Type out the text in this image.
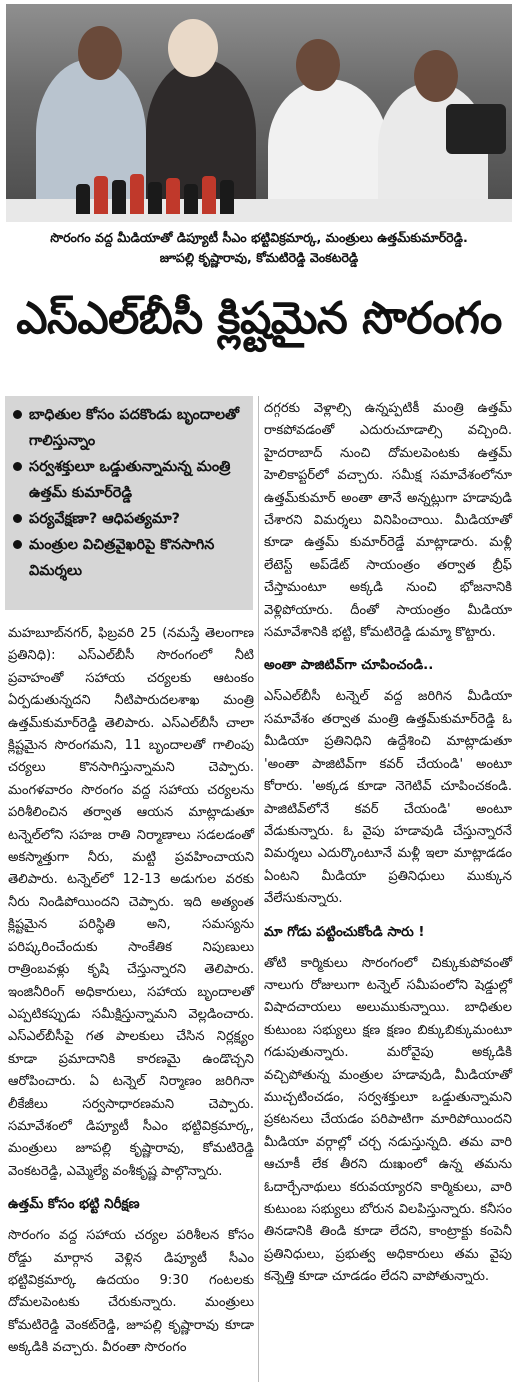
సొరంగం వద్ద మీడియాతో డిప్యూటీ సీఎం భట్టివిక్రమార్క, మంత్రులు ఉత్తమ్‌కుమార్‌రెడ్డి.
జూపల్లి కృష్ణారావు, కోమటిరెడ్డి వెంకటరెడ్డి
ఎస్‌ఎల్‌బీసీ క్లిష్టమైన సొరంగం
బాధితుల కోసం పదకొండు బృందాలతో గాలిస్తున్నాం
సర్వశక్తులూ ఒడ్డుతున్నామన్న మంత్రి ఉత్తమ్ కుమార్‌రెడ్డి
పర్యవేక్షణా? ఆధిపత్యమా?
మంత్రుల విచిత్రవైఖరిపై కొనసాగిన విమర్శలు

మహబూబ్‌నగర్, ఫిబ్రవరి 25 (నమస్తే తెలంగాణ ప్రతినిధి): ఎస్‌ఎల్‌బీసీ సొరంగంలో నీటి ప్రవాహంతో సహాయ చర్యలకు ఆటంకం ఏర్పడుతున్నదని నీటిపారుదలశాఖ మంత్రి ఉత్తమ్‌కుమార్‌రెడ్డి తెలిపారు. ఎస్‌ఎల్‌బీసీ చాలా క్లిష్టమైన సొరంగమని, 11 బృందాలతో గాలింపు చర్యలు కొనసాగిస్తున్నామని చెప్పారు. మంగళవారం సొరంగం వద్ద సహాయ చర్యలను పరిశీలించిన తర్వాత ఆయన మాట్లాడుతూ టన్నెల్‌లోని సహజ రాతి నిర్మాణాలు సడలడంతో అకస్మాత్తుగా నీరు, మట్టి ప్రవహించాయని తెలిపారు. టన్నెల్‌లో 12-13 అడుగుల వరకు నీరు నిండిపోయిందని చెప్పారు. ఇది అత్యంత క్లిష్టమైన పరిస్థితి అని, సమస్యను పరిష్కరించేందుకు సాంకేతిక నిపుణులు రాత్రింబవళ్లు కృషి చేస్తున్నారని తెలిపారు. ఇంజినీరింగ్ అధికారులు, సహాయ బృందాలతో ఎప్పటికప్పుడు సమీక్షిస్తున్నామని వెల్లడించారు. ఎస్‌ఎల్‌బీసీపై గత పాలకులు చేసిన నిర్లక్ష్యం కూడా ప్రమాదానికి కారణమై ఉండొచ్చని ఆరోపించారు. ఏ టన్నెల్ నిర్మాణం జరిగినా లీకేజీలు సర్వసాధారణమని చెప్పారు. సమావేశంలో డిప్యూటీ సీఎం భట్టివిక్రమార్క, మంత్రులు జూపల్లి కృష్ణారావు, కోమటిరెడ్డి వెంకటరెడ్డి, ఎమ్మెల్యే వంశీకృష్ణ పాల్గొన్నారు.

ఉత్తమ్ కోసం భట్టి నిరీక్షణ

సొరంగం వద్ద సహాయ చర్యల పరిశీలన కోసం రోడ్డు మార్గాన వెళ్లిన డిప్యూటీ సీఎం భట్టివిక్రమార్క ఉదయం 9:30 గంటలకు దోమలపెంటకు చేరుకున్నారు. మంత్రులు కోమటిరెడ్డి వెంకట్‌రెడ్డి, జూపల్లి కృష్ణారావు కూడా అక్కడికి వచ్చారు. వీరంతా సొరంగం

దగ్గరకు వెళ్లాల్సి ఉన్నప్పటికీ మంత్రి ఉత్తమ్ రాకపోవడంతో ఎదురుచూడాల్సి వచ్చింది. హైదరాబాద్ నుంచి దోమలపెంటకు ఉత్తమ్ హెలికాప్టర్‌లో వచ్చారు. సమీక్ష సమావేశంలోనూ ఉత్తమ్‌కుమార్ అంతా తానే అన్నట్లుగా హడావుడి చేశారని విమర్శలు వినిపించాయి. మీడియాతో కూడా ఉత్తమ్ కుమార్‌రెడ్డే మాట్లాడారు. మళ్లీ లేటెస్ట్ అప్‌డేట్ సాయంత్రం తర్వాత బ్రీఫ్ చేస్తామంటూ అక్కడి నుంచి భోజనానికి వెళ్లిపోయారు. దీంతో సాయంత్రం మీడియా సమావేశానికి భట్టి, కోమటిరెడ్డి డుమ్మా కొట్టారు.

అంతా పాజిటివ్‌గా చూపించండి..

ఎస్‌ఎల్‌బీసీ టన్నెల్ వద్ద జరిగిన మీడియా సమావేశం తర్వాత మంత్రి ఉత్తమ్‌కుమార్‌రెడ్డి ఓ మీడియా ప్రతినిధిని ఉద్దేశించి మాట్లాడుతూ 'అంతా పాజిటివ్‌గా కవర్ చేయండి' అంటూ కోరారు. 'అక్కడ కూడా నెగెటివ్ చూపించకండి. పాజిటివ్‌లోనే కవర్ చేయండి' అంటూ వేడుకున్నారు. ఓ వైపు హడావుడి చేస్తున్నారనే విమర్శలు ఎదుర్కొంటూనే మళ్లీ ఇలా మాట్లాడడం ఏంటని మీడియా ప్రతినిధులు ముక్కున వేలేసుకున్నారు.

మా గోడు పట్టించుకోండి సారు !

తోటి కార్మికులు సొరంగంలో చిక్కుకుపోవంతో నాలుగు రోజులుగా టన్నెల్ సమీపంలోని షెడ్డుల్లో విషాదచాయలు అలుముకున్నాయి. బాధితుల కుటుంబ సభ్యులు క్షణ క్షణం బిక్కుబిక్కుమంటూ గడుపుతున్నారు. మరోవైపు అక్కడికి వచ్చిపోతున్న మంత్రుల హడావుడి, మీడియాతో ముచ్చటించడం, సర్వశక్తులూ ఒడ్డుతున్నామని ప్రకటనలు చేయడం పరిపాటిగా మారిపోయిందని మీడియా వర్గాల్లో చర్చ నడుస్తున్నది. తమ వారి ఆచూకీ లేక తీరని దుఃఖంలో ఉన్న తమను ఓదార్చేనాథులు కరువయ్యారని కార్మికులు, వారి కుటుంబ సభ్యులు బోరున విలపిస్తున్నారు. కనీసం తినడానికి తిండి కూడా లేదని, కాంట్రాక్టు కంపెనీ ప్రతినిధులు, ప్రభుత్వ అధికారులు తమ వైపు కన్నెత్తి కూడా చూడడం లేదని వాపోతున్నారు.
